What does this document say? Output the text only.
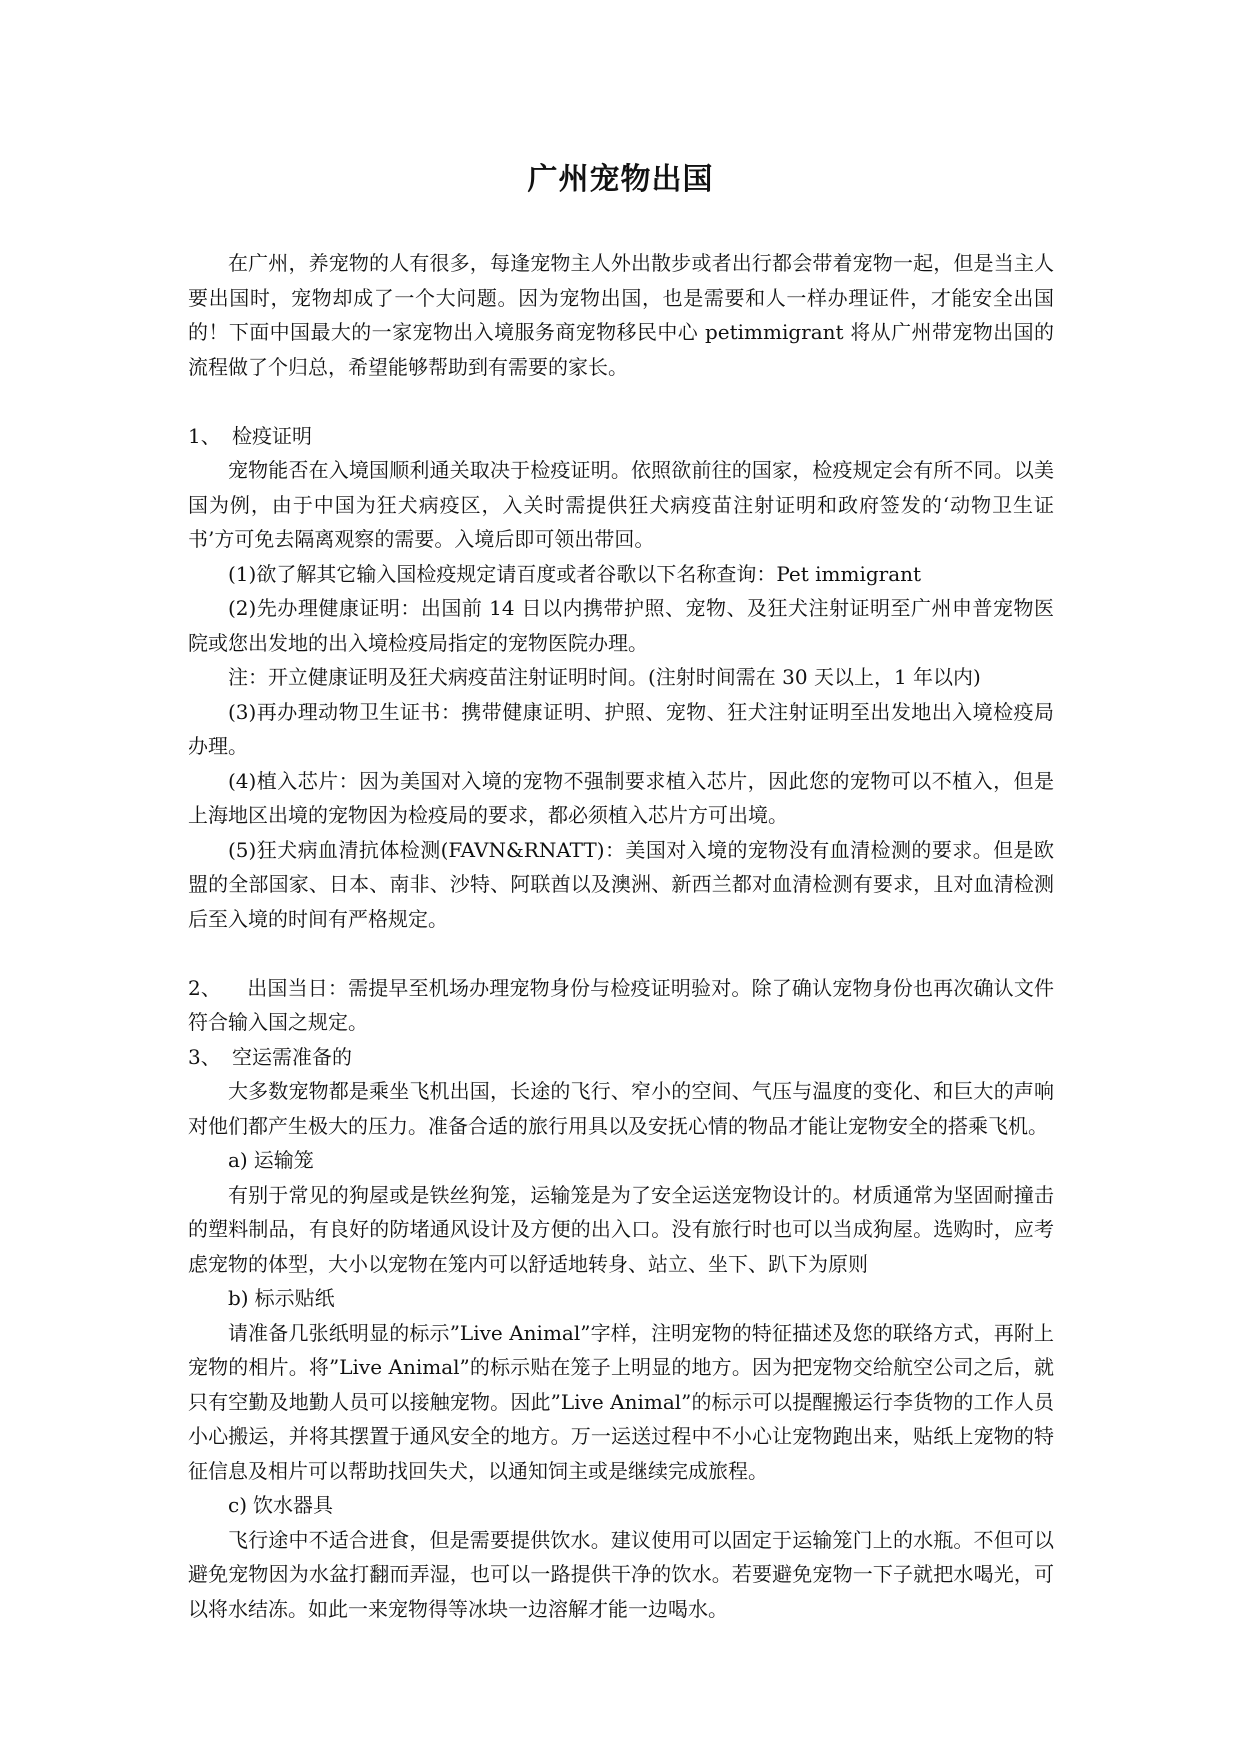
广州宠物出国

在广州，养宠物的人有很多，每逢宠物主人外出散步或者出行都会带着宠物一起，但是当主人要出国时，宠物却成了一个大问题。因为宠物出国，也是需要和人一样办理证件，才能安全出国的！下面中国最大的一家宠物出入境服务商宠物移民中心 petimmigrant 将从广州带宠物出国的流程做了个归总，希望能够帮助到有需要的家长。

1、 检疫证明

宠物能否在入境国顺利通关取决于检疫证明。依照欲前往的国家，检疫规定会有所不同。以美国为例，由于中国为狂犬病疫区，入关时需提供狂犬病疫苗注射证明和政府签发的‘动物卫生证书’方可免去隔离观察的需要。入境后即可领出带回。

(1)欲了解其它输入国检疫规定请百度或者谷歌以下名称查询：Pet immigrant

(2)先办理健康证明：出国前 14 日以内携带护照、宠物、及狂犬注射证明至广州申普宠物医院或您出发地的出入境检疫局指定的宠物医院办理。

注：开立健康证明及狂犬病疫苗注射证明时间。(注射时间需在 30 天以上，1 年以内)

(3)再办理动物卫生证书：携带健康证明、护照、宠物、狂犬注射证明至出发地出入境检疫局办理。

(4)植入芯片：因为美国对入境的宠物不强制要求植入芯片，因此您的宠物可以不植入，但是上海地区出境的宠物因为检疫局的要求，都必须植入芯片方可出境。

(5)狂犬病血清抗体检测(FAVN&RNATT)：美国对入境的宠物没有血清检测的要求。但是欧盟的全部国家、日本、南非、沙特、阿联酋以及澳洲、新西兰都对血清检测有要求，且对血清检测后至入境的时间有严格规定。

2、 出国当日：需提早至机场办理宠物身份与检疫证明验对。除了确认宠物身份也再次确认文件符合输入国之规定。

3、 空运需准备的

大多数宠物都是乘坐飞机出国，长途的飞行、窄小的空间、气压与温度的变化、和巨大的声响对他们都产生极大的压力。准备合适的旅行用具以及安抚心情的物品才能让宠物安全的搭乘飞机。

a) 运输笼

有别于常见的狗屋或是铁丝狗笼，运输笼是为了安全运送宠物设计的。材质通常为坚固耐撞击的塑料制品，有良好的防堵通风设计及方便的出入口。没有旅行时也可以当成狗屋。选购时，应考虑宠物的体型，大小以宠物在笼内可以舒适地转身、站立、坐下、趴下为原则

b) 标示贴纸

请准备几张纸明显的标示”Live Animal”字样，注明宠物的特征描述及您的联络方式，再附上宠物的相片。将”Live Animal”的标示贴在笼子上明显的地方。因为把宠物交给航空公司之后，就只有空勤及地勤人员可以接触宠物。因此”Live Animal”的标示可以提醒搬运行李货物的工作人员小心搬运，并将其摆置于通风安全的地方。万一运送过程中不小心让宠物跑出来，贴纸上宠物的特征信息及相片可以帮助找回失犬，以通知饲主或是继续完成旅程。

c) 饮水器具

飞行途中不适合进食，但是需要提供饮水。建议使用可以固定于运输笼门上的水瓶。不但可以避免宠物因为水盆打翻而弄湿，也可以一路提供干净的饮水。若要避免宠物一下子就把水喝光，可以将水结冻。如此一来宠物得等冰块一边溶解才能一边喝水。
